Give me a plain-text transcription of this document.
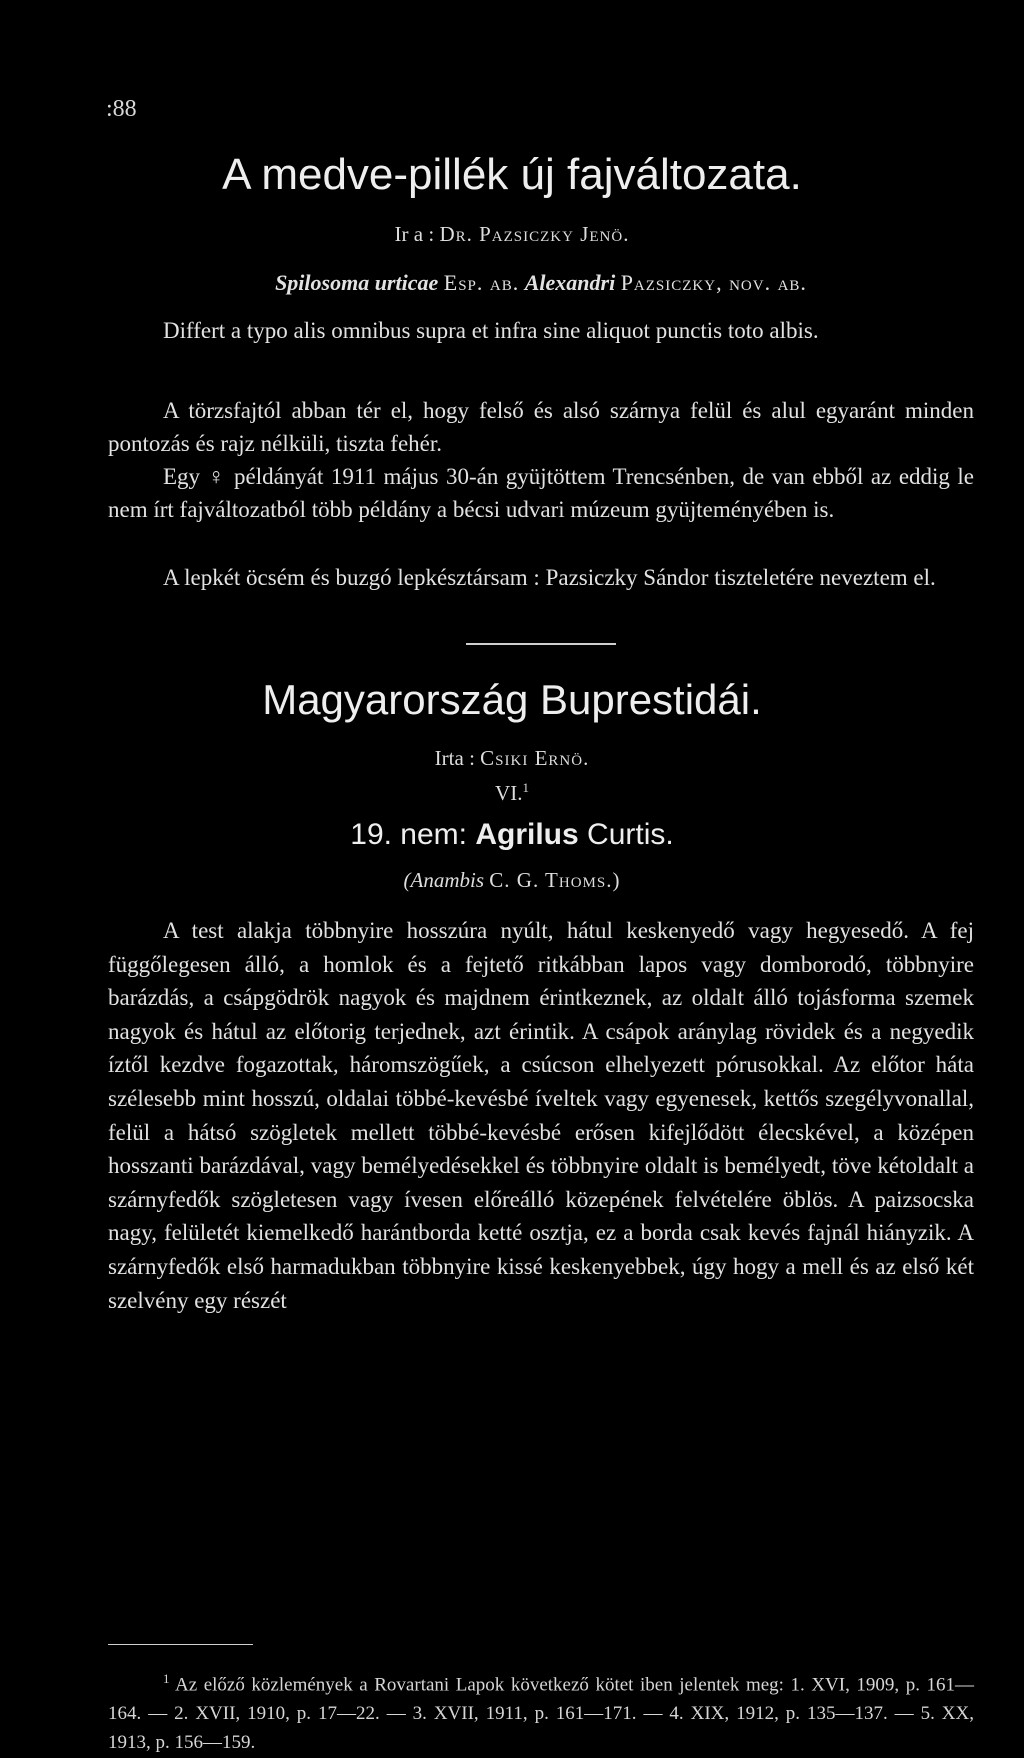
:88
A medve-pillék új fajváltozata.
Ir a : Dr. Pazsiczky Jenö.
Spilosoma urticae Esp. ab. Alexandri Pazsiczky, nov. ab.

Differt a typo alis omnibus supra et infra sine aliquot punctis toto albis.

A törzsfajtól abban tér el, hogy felső és alsó szárnya felül és alul egyaránt minden pontozás és rajz nélküli, tiszta fehér.

Egy ♀ példányát 1911 május 30-án gyüjtöttem Trencsénben, de van ebből az eddig le nem írt fajváltozatból több példány a bécsi udvari múzeum gyüjteményében is.

A lepkét öcsém és buzgó lepkésztársam : Pazsiczky Sándor tiszteletére neveztem el.

Magyarország Buprestidái.
Irta : Csiki Ernö.
VI.$^1$
19. nem: Agrilus Curtis.
(Anambis C. G. Thoms.)

A test alakja többnyire hosszúra nyúlt, hátul keskenyedő vagy hegyesedő. A fej függőlegesen álló, a homlok és a fejtető ritkábban lapos vagy domborodó, többnyire barázdás, a csápgödrök nagyok és majdnem érintkeznek, az oldalt álló tojásforma szemek nagyok és hátul az előtorig terjednek, azt érintik. A csápok aránylag rövidek és a negyedik íztől kezdve fogazottak, háromszögűek, a csúcson elhelyezett pórusokkal. Az előtor háta szélesebb mint hosszú, oldalai többé-kevésbé íveltek vagy egyenesek, kettős szegélyvonallal, felül a hátsó szögletek mellett többé-kevésbé erősen kifejlődött élecskével, a középen hosszanti barázdával, vagy bemélyedésekkel és többnyire oldalt is bemélyedt, töve kétoldalt a szárnyfedők szögletesen vagy ívesen előreálló közepének felvételére öblös. A paizsocska nagy, felületét kiemelkedő harántborda ketté osztja, ez a borda csak kevés fajnál hiányzik. A szárnyfedők első harmadukban többnyire kissé keskenyebbek, úgy hogy a mell és az első két szelvény egy részét

$^1$ Az előző közlemények a Rovartani Lapok következő kötet iben jelentek meg: 1. XVI, 1909, p. 161—164. — 2. XVII, 1910, p. 17—22. — 3. XVII, 1911, p. 161—171. — 4. XIX, 1912, p. 135—137. — 5. XX, 1913, p. 156—159.
